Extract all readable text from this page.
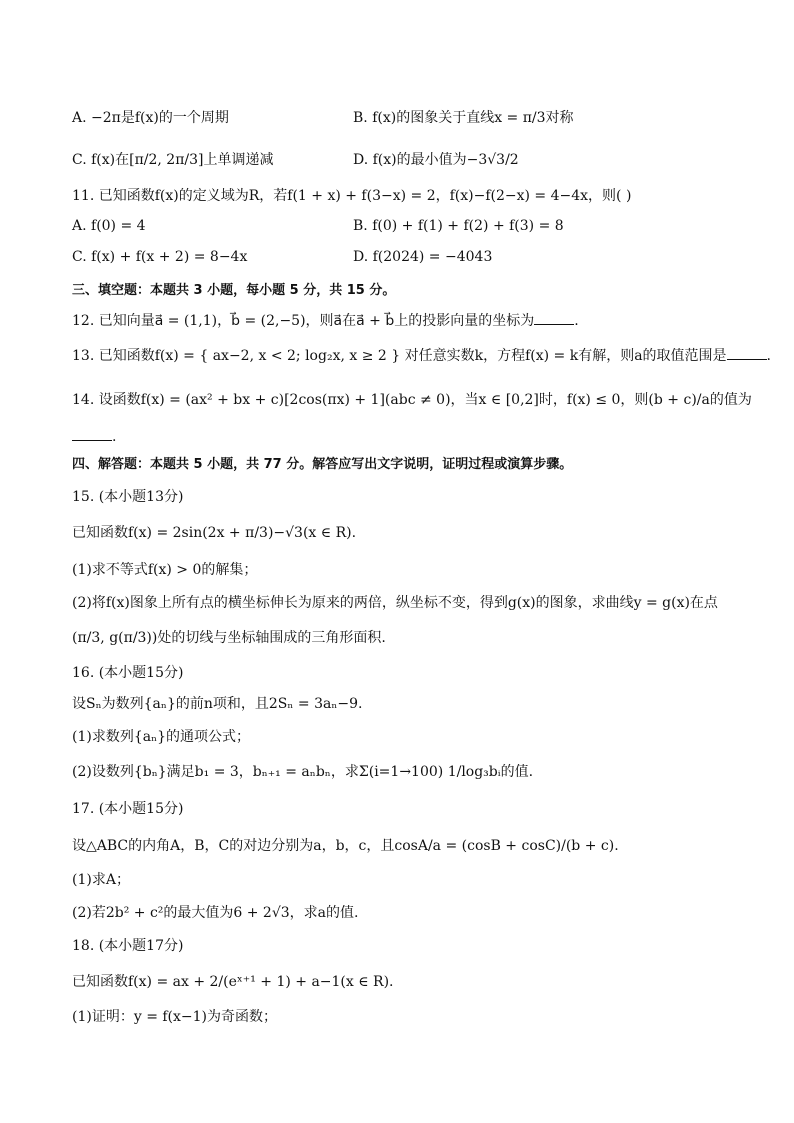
A. −2π是f(x)的一个周期	B. f(x)的图象关于直线x = π/3对称
C. f(x)在[π/2, 2π/3]上单调递减	D. f(x)的最小值为−3√3/2
11. 已知函数f(x)的定义域为R，若f(1 + x) + f(3−x) = 2，f(x)−f(2−x) = 4−4x，则( )
A. f(0) = 4	B. f(0) + f(1) + f(2) + f(3) = 8
C. f(x) + f(x + 2) = 8−4x	D. f(2024) = −4043
三、填空题：本题共 3 小题，每小题 5 分，共 15 分。
12. 已知向量a⃗ = (1,1)，b⃗ = (2,−5)，则a⃗在a⃗ + b⃗上的投影向量的坐标为	.
13. 已知函数f(x) = { ax−2, x < 2; log₂x, x ≥ 2 } 对任意实数k，方程f(x) = k有解，则a的取值范围是	.
14. 设函数f(x) = (ax² + bx + c)[2cos(πx) + 1](abc ≠ 0)，当x ∈ [0,2]时，f(x) ≤ 0，则(b + c)/a的值为
.
四、解答题：本题共 5 小题，共 77 分。解答应写出文字说明，证明过程或演算步骤。
15. (本小题13分)
已知函数f(x) = 2sin(2x + π/3)−√3(x ∈ R).
(1)求不等式f(x) > 0的解集；
(2)将f(x)图象上所有点的横坐标伸长为原来的两倍，纵坐标不变，得到g(x)的图象，求曲线y = g(x)在点
(π/3, g(π/3))处的切线与坐标轴围成的三角形面积.
16. (本小题15分)
设Sₙ为数列{aₙ}的前n项和，且2Sₙ = 3aₙ−9.
(1)求数列{aₙ}的通项公式；
(2)设数列{bₙ}满足b₁ = 3，bₙ₊₁ = aₙbₙ，求Σ(i=1→100) 1/log₃bᵢ的值.
17. (本小题15分)
设△ABC的内角A，B，C的对边分别为a，b，c，且cosA/a = (cosB + cosC)/(b + c).
(1)求A；
(2)若2b² + c²的最大值为6 + 2√3，求a的值.
18. (本小题17分)
已知函数f(x) = ax + 2/(eˣ⁺¹ + 1) + a−1(x ∈ R).
(1)证明：y = f(x−1)为奇函数；
